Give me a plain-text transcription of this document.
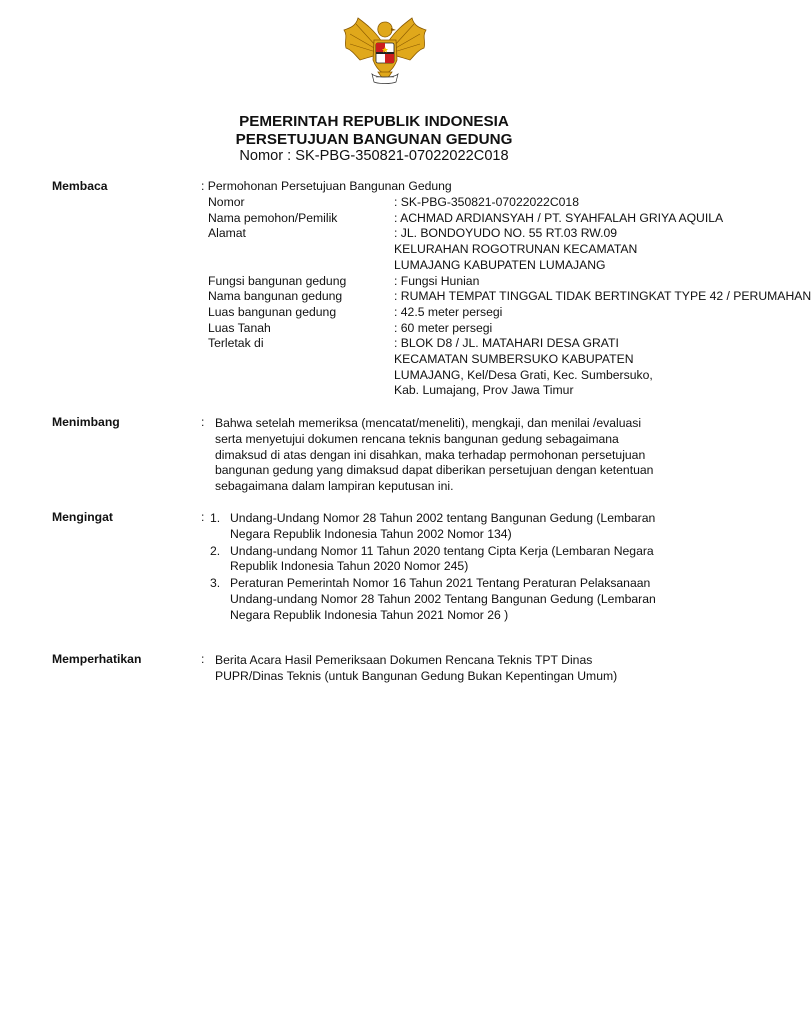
PEMERINTAH REPUBLIK INDONESIA
PERSETUJUAN BANGUNAN GEDUNG
Nomor : SK-PBG-350821-07022022C018
Membaca	: Permohonan Persetujuan Bangunan Gedung
Nomor	: SK-PBG-350821-07022022C018
Nama pemohon/Pemilik	: ACHMAD ARDIANSYAH / PT. SYAHFALAH GRIYA AQUILA
Alamat	: JL. BONDOYUDO NO. 55 RT.03 RW.09
KELURAHAN ROGOTRUNAN KECAMATAN
LUMAJANG KABUPATEN LUMAJANG
Fungsi bangunan gedung	: Fungsi Hunian
Nama bangunan gedung	: RUMAH TEMPAT TINGGAL TIDAK BERTINGKAT TYPE 42 / PERUMAHAN
Luas bangunan gedung	: 42.5 meter persegi
Luas Tanah	: 60 meter persegi
Terletak di	: BLOK D8 / JL. MATAHARI DESA GRATI
KECAMATAN SUMBERSUKO KABUPATEN
LUMAJANG, Kel/Desa Grati, Kec. Sumbersuko,
Kab. Lumajang, Prov Jawa Timur
Menimbang	: Bahwa setelah memeriksa (mencatat/meneliti), mengkaji, dan menilai /evaluasi
serta menyetujui dokumen rencana teknis bangunan gedung sebagaimana
dimaksud di atas dengan ini disahkan, maka terhadap permohonan persetujuan
bangunan gedung yang dimaksud dapat diberikan persetujuan dengan ketentuan
sebagaimana dalam lampiran keputusan ini.
Mengingat	: 1. Undang-Undang Nomor 28 Tahun 2002 tentang Bangunan Gedung (Lembaran
Negara Republik Indonesia Tahun 2002 Nomor 134)
2. Undang-undang Nomor 11 Tahun 2020 tentang Cipta Kerja (Lembaran Negara
Republik Indonesia Tahun 2020 Nomor 245)
3. Peraturan Pemerintah Nomor 16 Tahun 2021 Tentang Peraturan Pelaksanaan
Undang-undang Nomor 28 Tahun 2002 Tentang Bangunan Gedung (Lembaran
Negara Republik Indonesia Tahun 2021 Nomor 26 )
Memperhatikan	: Berita Acara Hasil Pemeriksaan Dokumen Rencana Teknis TPT Dinas
PUPR/Dinas Teknis (untuk Bangunan Gedung Bukan Kepentingan Umum)
